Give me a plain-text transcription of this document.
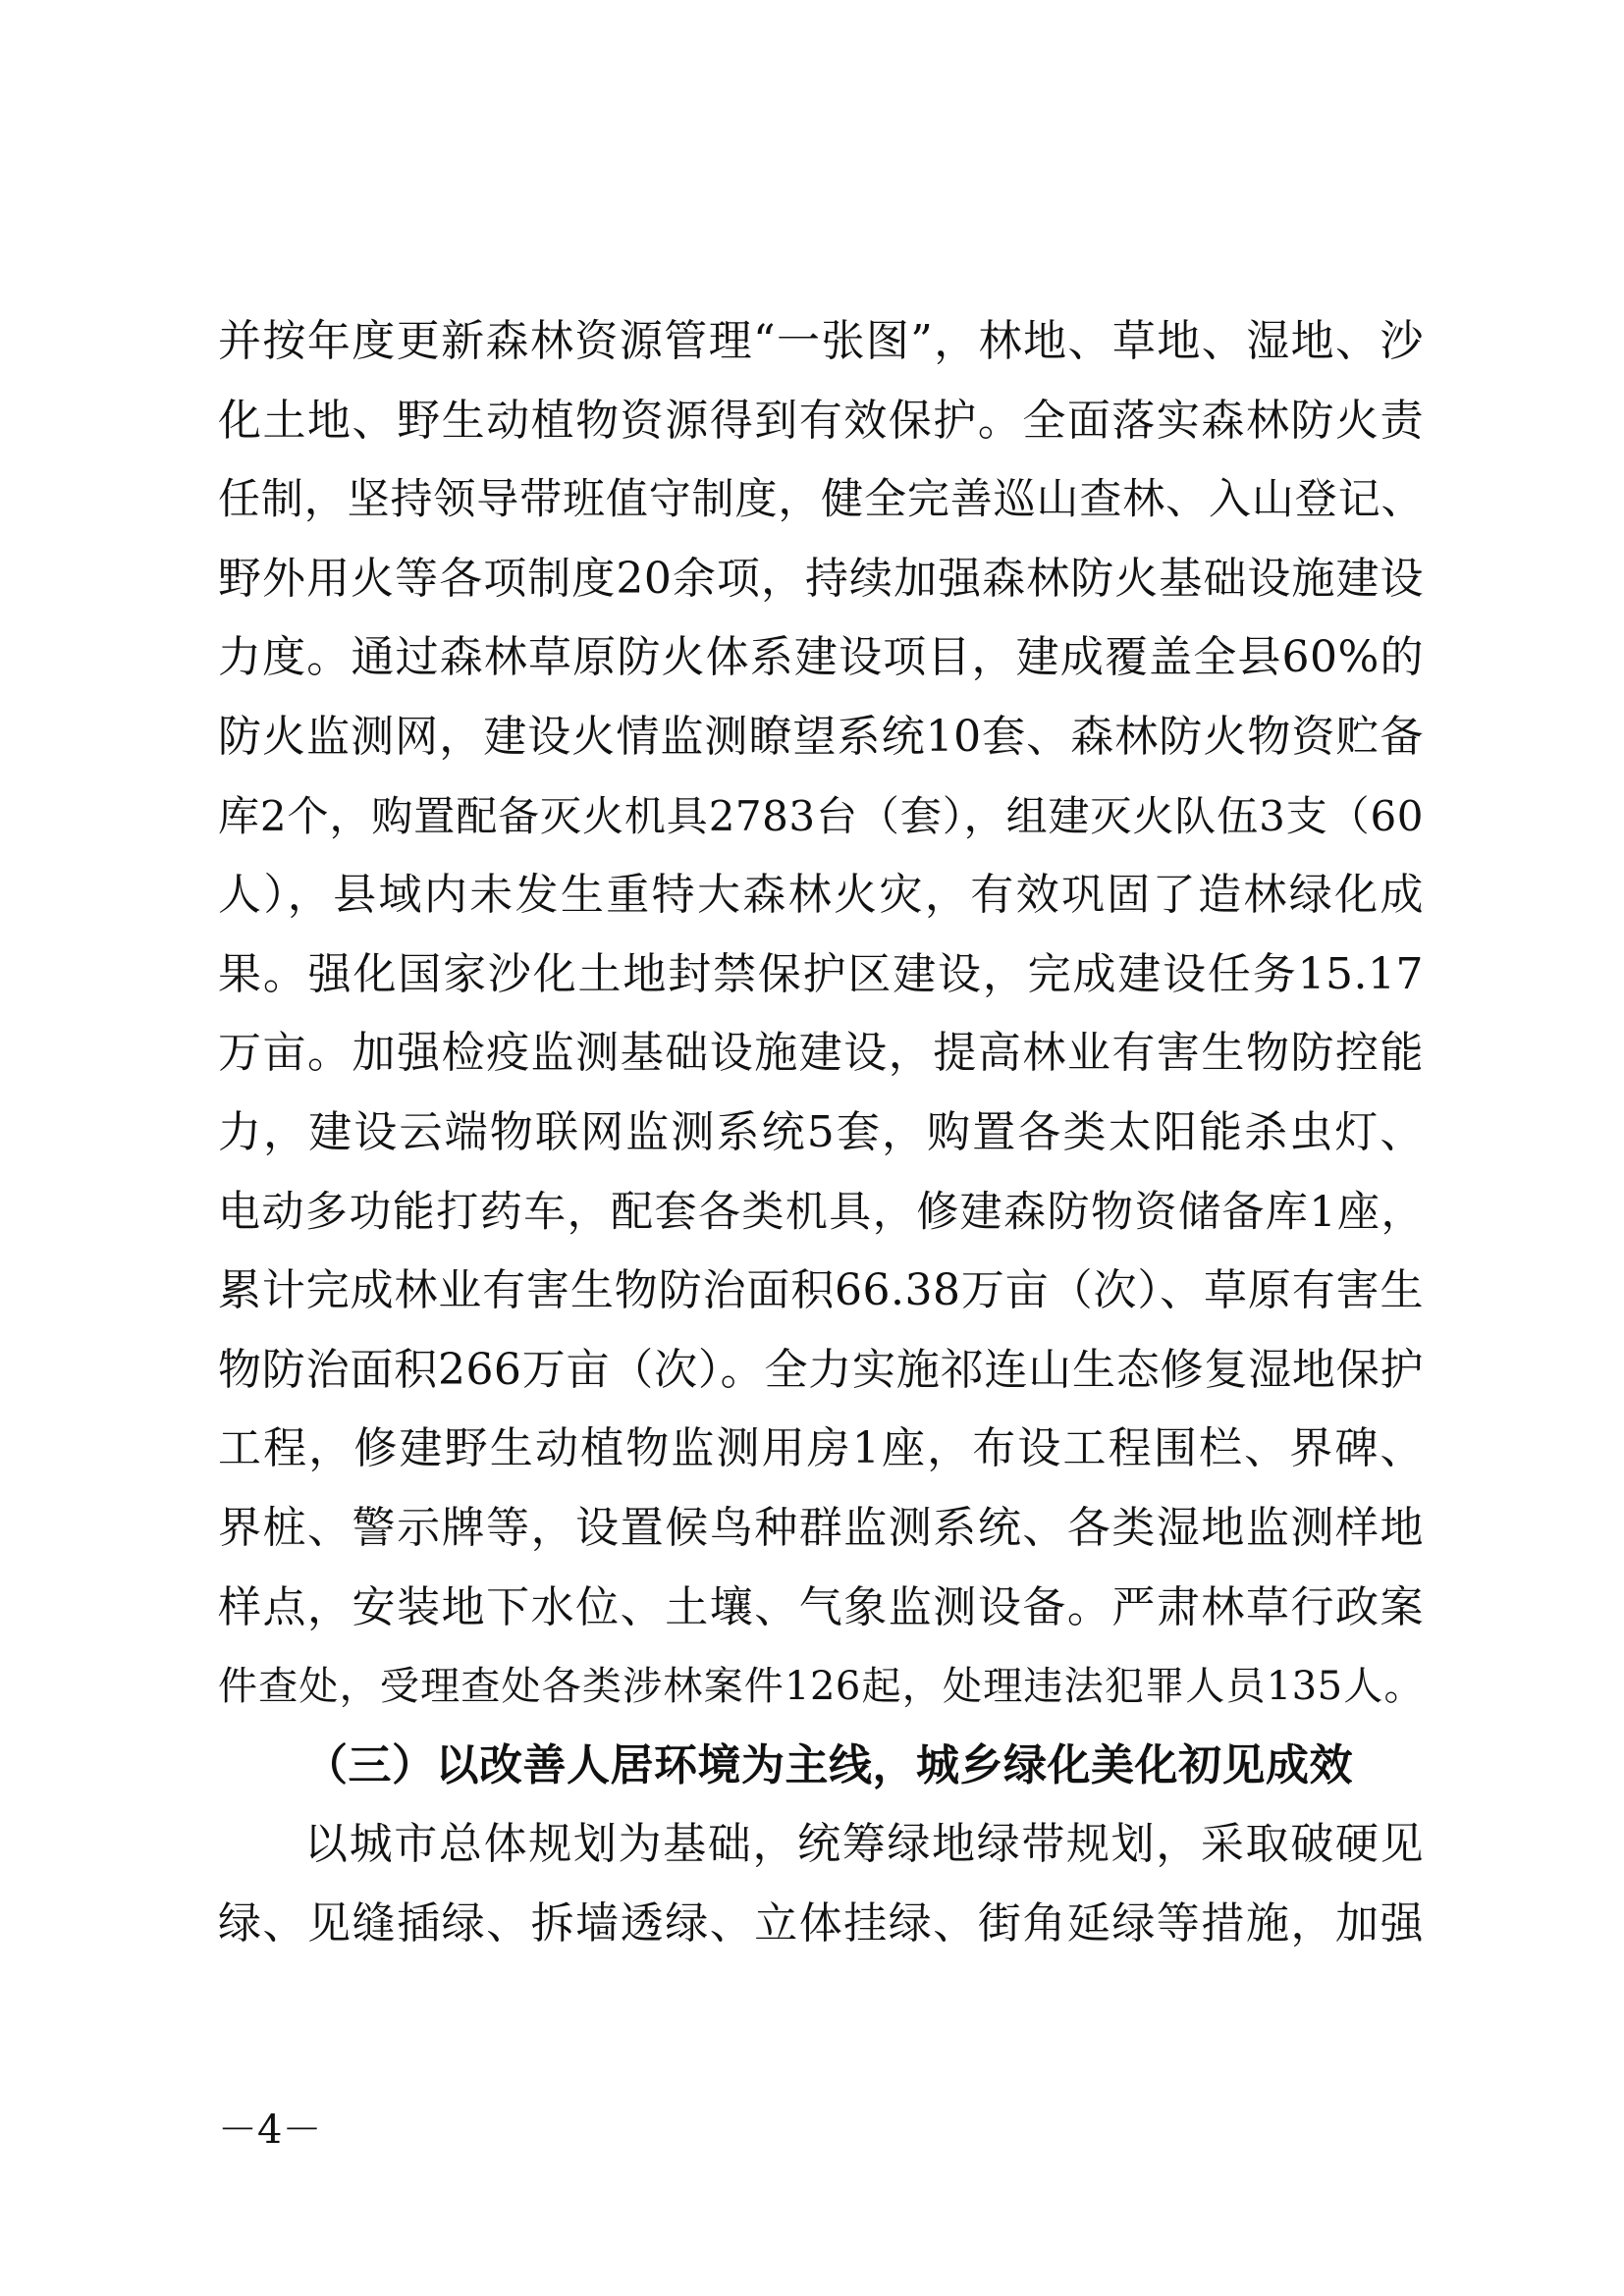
并按年度更新森林资源管理“一张图”，林地、草地、湿地、沙
化土地、野生动植物资源得到有效保护。全面落实森林防火责
任制，坚持领导带班值守制度，健全完善巡山查林、入山登记、
野外用火等各项制度20余项，持续加强森林防火基础设施建设
力度。通过森林草原防火体系建设项目，建成覆盖全县60%的
防火监测网，建设火情监测瞭望系统10套、森林防火物资贮备
库2个，购置配备灭火机具2783台（套），组建灭火队伍3支（60
人），县域内未发生重特大森林火灾，有效巩固了造林绿化成
果。强化国家沙化土地封禁保护区建设，完成建设任务15.17
万亩。加强检疫监测基础设施建设，提高林业有害生物防控能
力，建设云端物联网监测系统5套，购置各类太阳能杀虫灯、
电动多功能打药车，配套各类机具，修建森防物资储备库1座，
累计完成林业有害生物防治面积66.38万亩（次）、草原有害生
物防治面积266万亩（次）。全力实施祁连山生态修复湿地保护
工程，修建野生动植物监测用房1座，布设工程围栏、界碑、
界桩、警示牌等，设置候鸟种群监测系统、各类湿地监测样地
样点，安装地下水位、土壤、气象监测设备。严肃林草行政案
件查处，受理查处各类涉林案件126起，处理违法犯罪人员135人。
（三）以改善人居环境为主线，城乡绿化美化初见成效
以城市总体规划为基础，统筹绿地绿带规划，采取破硬见
绿、见缝插绿、拆墙透绿、立体挂绿、街角延绿等措施，加强
－4－
